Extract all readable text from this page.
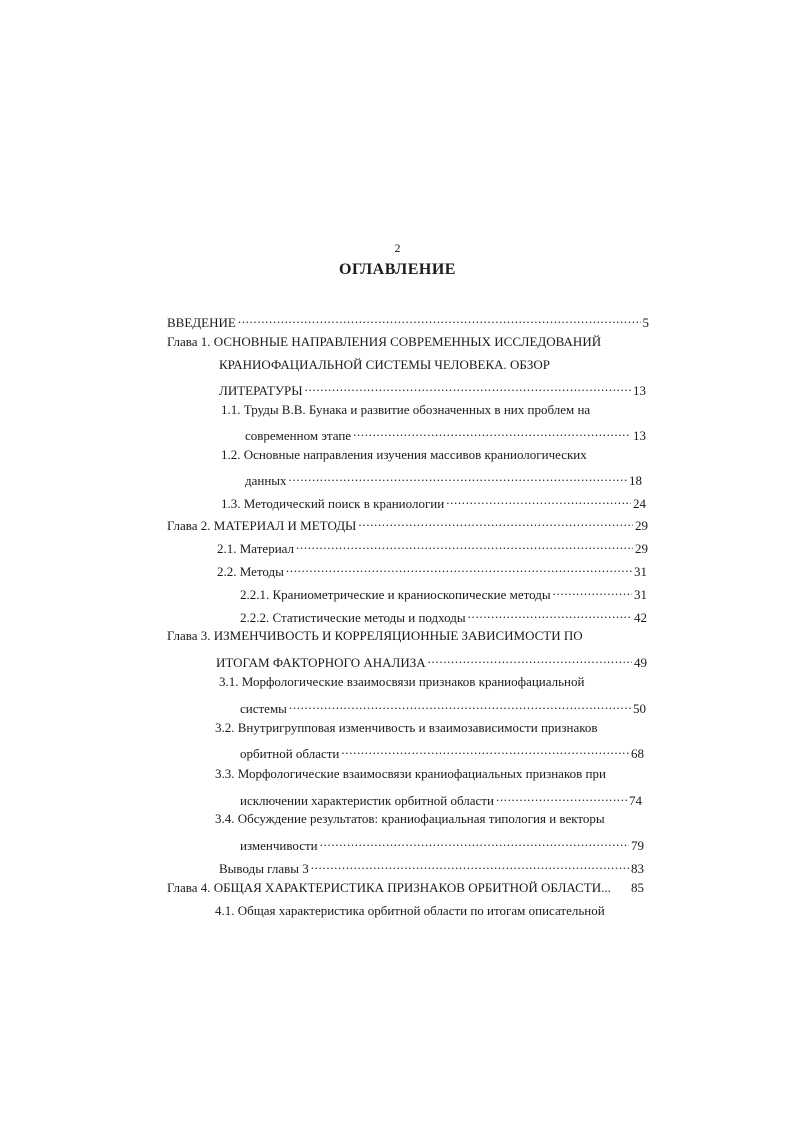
2
ОГЛАВЛЕНИЕ
ВВЕДЕНИЕ . . .	5
Глава 1. ОСНОВНЫЕ НАПРАВЛЕНИЯ СОВРЕМЕННЫХ ИССЛЕДОВАНИЙ
КРАНИОФАЦИАЛЬНОЙ СИСТЕМЫ ЧЕЛОВЕКА. ОБЗОР
ЛИТЕРАТУРЫ . . .	13
1.1. Труды В.В. Бунака и развитие обозначенных в них проблем на
современном этапе . . .	13
1.2. Основные направления изучения массивов краниологических
данных . . .	18
1.3. Методический поиск в краниологии . . .	24
Глава 2. МАТЕРИАЛ И МЕТОДЫ . . .	29
2.1. Материал . . .	29
2.2. Методы . . .	31
2.2.1. Краниометрические и краниоскопические методы . . .	31
2.2.2. Статистические методы и подходы . . .	42
Глава 3. ИЗМЕНЧИВОСТЬ И КОРРЕЛЯЦИОННЫЕ ЗАВИСИМОСТИ ПО
ИТОГАМ ФАКТОРНОГО АНАЛИЗА . . .	49
3.1. Морфологические взаимосвязи признаков краниофациальной
системы . . .	50
3.2. Внутригрупповая изменчивость и взаимозависимости признаков
орбитной области . . .	68
3.3. Морфологические взаимосвязи краниофациальных признаков при
исключении характеристик орбитной области . . .	74
3.4. Обсуждение результатов: краниофациальная типология и векторы
изменчивости . . .	79
Выводы главы 3 . . .	83
Глава 4. ОБЩАЯ ХАРАКТЕРИСТИКА ПРИЗНАКОВ ОРБИТНОЙ ОБЛАСТИ... 85
4.1. Общая характеристика орбитной области по итогам описательной
